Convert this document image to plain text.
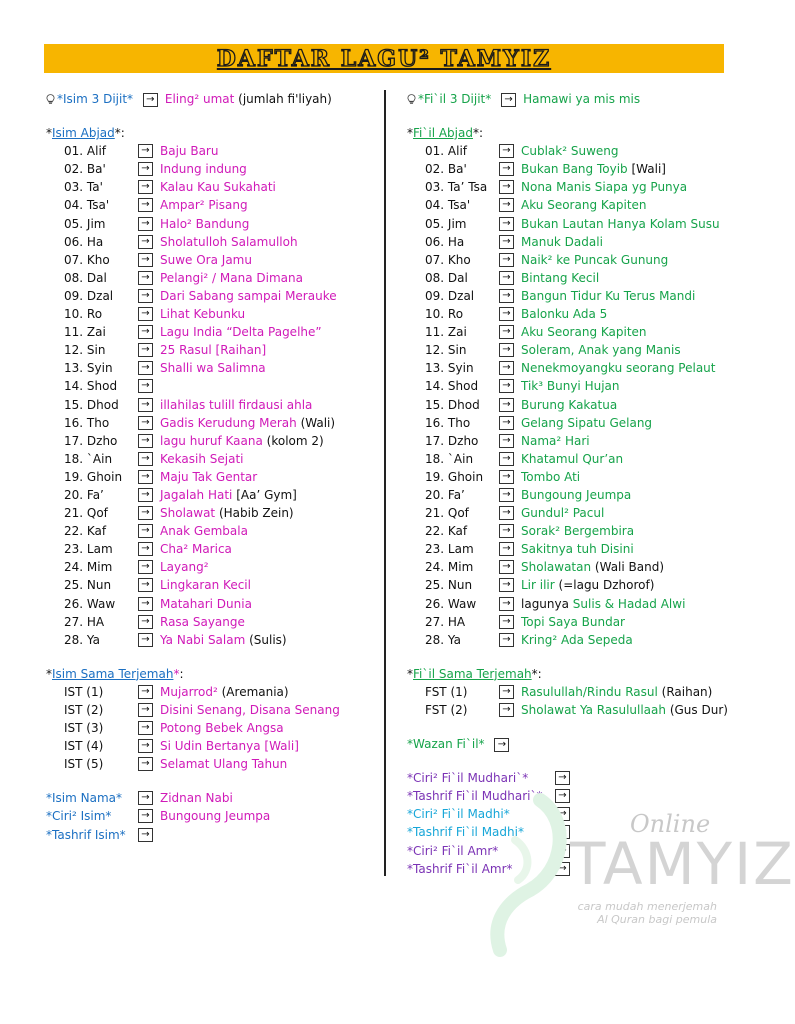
DAFTAR LAGU² TAMYIZ
*Isim 3 Dijit* → Eling² umat (jumlah fi'liyah)
*Isim Abjad*:
01. Alif	→ Baju Baru
02. Ba'	→ Indung indung
03. Ta'	→ Kalau Kau Sukahati
04. Tsa'	→ Ampar² Pisang
05. Jim	→ Halo² Bandung
06. Ha	→ Sholatulloh Salamulloh
07. Kho	→ Suwe Ora Jamu
08. Dal	→ Pelangi² / Mana Dimana
09. Dzal	→ Dari Sabang sampai Merauke
10. Ro	→ Lihat Kebunku
11. Zai	→ Lagu India “Delta Pagelhe”
12. Sin	→ 25 Rasul [Raihan]
13. Syin	→ Shalli wa Salimna
14. Shod	→
15. Dhod	→ illahilas tulill firdausi ahla
16. Tho	→ Gadis Kerudung Merah (Wali)
17. Dzho	→ lagu huruf Kaana (kolom 2)
18. `Ain	→ Kekasih Sejati
19. Ghoin	→ Maju Tak Gentar
20. Fa’	→ Jagalah Hati [Aa’ Gym]
21. Qof	→ Sholawat (Habib Zein)
22. Kaf	→ Anak Gembala
23. Lam	→ Cha² Marica
24. Mim	→ Layang²
25. Nun	→ Lingkaran Kecil
26. Waw	→ Matahari Dunia
27. HA	→ Rasa Sayange
28. Ya	→ Ya Nabi Salam (Sulis)
*Isim Sama Terjemah*:
IST (1)	→ Mujarrod² (Aremania)
IST (2)	→ Disini Senang, Disana Senang
IST (3)	→ Potong Bebek Angsa
IST (4)	→ Si Udin Bertanya [Wali]
IST (5)	→ Selamat Ulang Tahun
*Isim Nama*	→ Zidnan Nabi
*Ciri² Isim*	→ Bungoung Jeumpa
*Tashrif Isim*	→
*Fi`il 3 Dijit* → Hamawi ya mis mis
*Fi`il Abjad*:
01. Alif	→ Cublak² Suweng
02. Ba'	→ Bukan Bang Toyib [Wali]
03. Ta’ Tsa	→ Nona Manis Siapa yg Punya
04. Tsa'	→ Aku Seorang Kapiten
05. Jim	→ Bukan Lautan Hanya Kolam Susu
06. Ha	→ Manuk Dadali
07. Kho	→ Naik² ke Puncak Gunung
08. Dal	→ Bintang Kecil
09. Dzal	→ Bangun Tidur Ku Terus Mandi
10. Ro	→ Balonku Ada 5
11. Zai	→ Aku Seorang Kapiten
12. Sin	→ Soleram, Anak yang Manis
13. Syin	→ Nenekmoyangku seorang Pelaut
14. Shod	→ Tik³ Bunyi Hujan
15. Dhod	→ Burung Kakatua
16. Tho	→ Gelang Sipatu Gelang
17. Dzho	→ Nama² Hari
18. `Ain	→ Khatamul Qur’an
19. Ghoin	→ Tombo Ati
20. Fa’	→ Bungoung Jeumpa
21. Qof	→ Gundul² Pacul
22. Kaf	→ Sorak² Bergembira
23. Lam	→ Sakitnya tuh Disini
24. Mim	→ Sholawatan (Wali Band)
25. Nun	→ Lir ilir (=lagu Dzhorof)
26. Waw	→ lagunya Sulis & Hadad Alwi
27. HA	→ Topi Saya Bundar
28. Ya	→ Kring² Ada Sepeda
*Fi`il Sama Terjemah*:
FST (1)	→ Rasulullah/Rindu Rasul (Raihan)
FST (2)	→ Sholawat Ya Rasulullaah (Gus Dur)
*Wazan Fi`il* →
*Ciri² Fi`il Mudhari`*	→
*Tashrif Fi`il Mudhari`*	→
*Ciri² Fi`il Madhi*	→
*Tashrif Fi`il Madhi*	→
*Ciri² Fi`il Amr*	→
*Tashrif Fi`il Amr*	→
Online
TAMYIZ
cara mudah menerjemah
Al Quran bagi pemula
